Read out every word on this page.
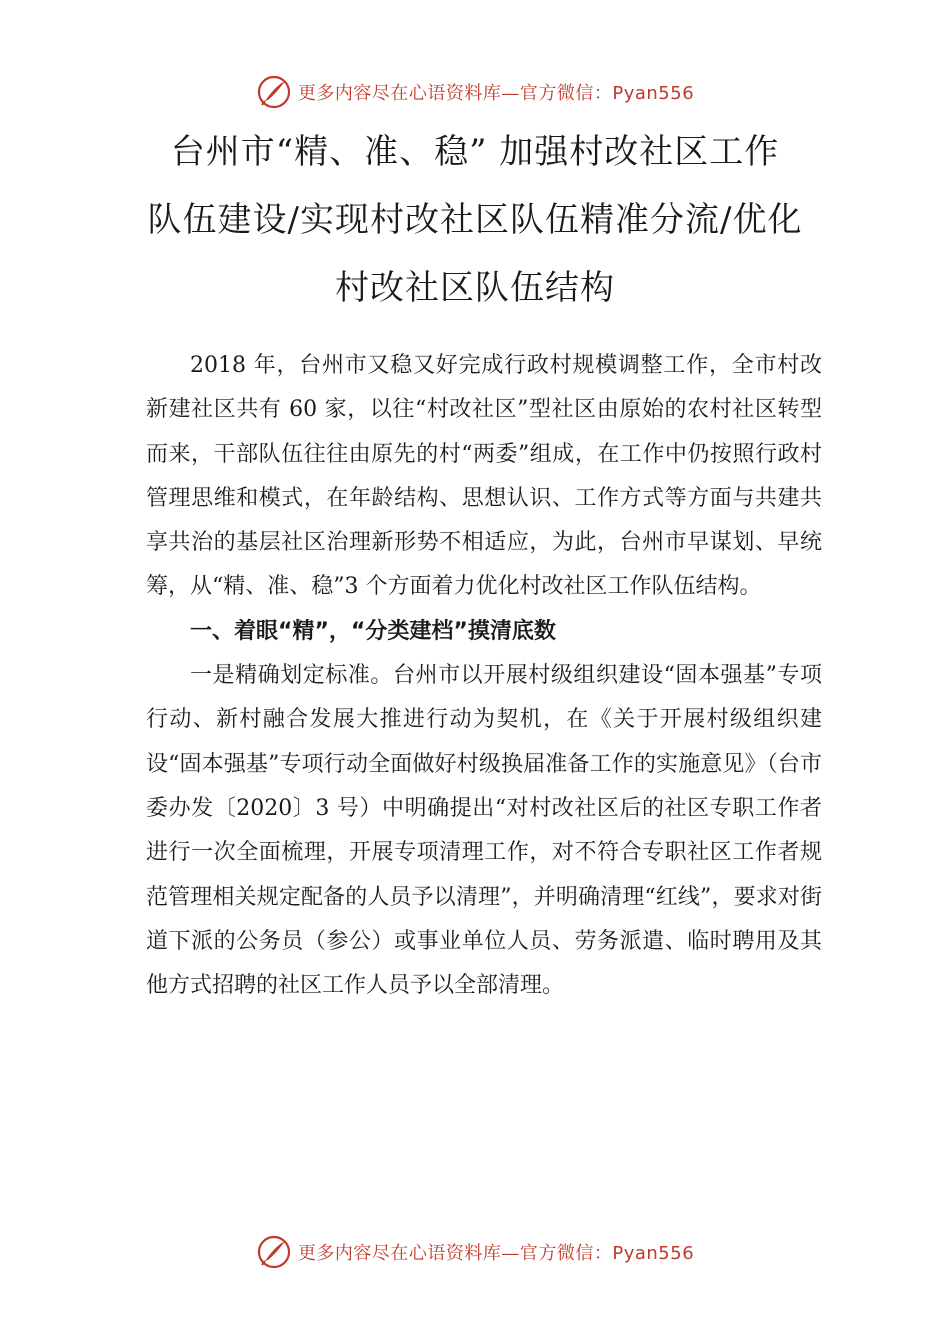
更多内容尽在心语资料库—官方微信：Pyan556
台州市“精、准、稳” 加强村改社区工作
队伍建设/实现村改社区队伍精准分流/优化
村改社区队伍结构

2018 年，台州市又稳又好完成行政村规模调整工作，全市村改新建社区共有 60 家，以往“村改社区”型社区由原始的农村社区转型而来，干部队伍往往由原先的村“两委”组成，在工作中仍按照行政村管理思维和模式，在年龄结构、思想认识、工作方式等方面与共建共享共治的基层社区治理新形势不相适应，为此，台州市早谋划、早统筹，从“精、准、稳”3 个方面着力优化村改社区工作队伍结构。

一、着眼“精”，“分类建档”摸清底数

一是精确划定标准。台州市以开展村级组织建设“固本强基”专项行动、新村融合发展大推进行动为契机，在《关于开展村级组织建设“固本强基”专项行动全面做好村级换届准备工作的实施意见》（台市委办发〔2020〕3 号）中明确提出“对村改社区后的社区专职工作者进行一次全面梳理，开展专项清理工作，对不符合专职社区工作者规范管理相关规定配备的人员予以清理”，并明确清理“红线”，要求对街道下派的公务员（参公）或事业单位人员、劳务派遣、临时聘用及其他方式招聘的社区工作人员予以全部清理。

更多内容尽在心语资料库—官方微信：Pyan556
